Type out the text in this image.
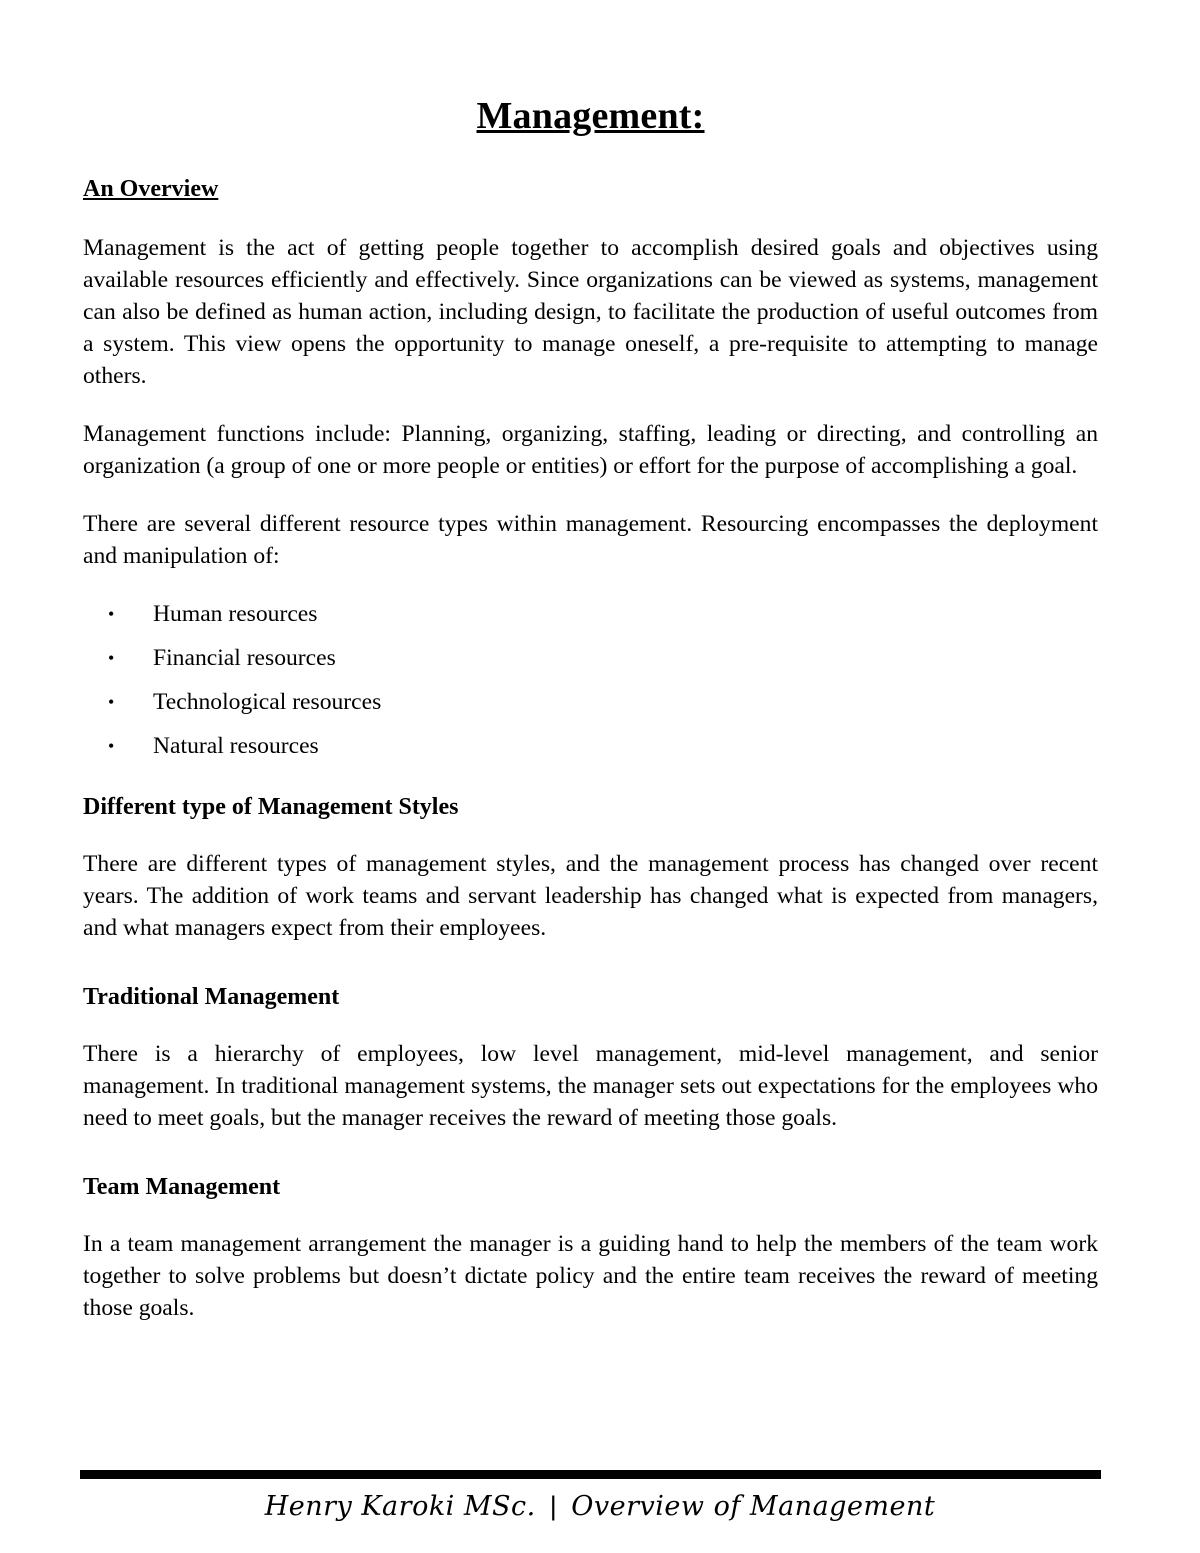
Management:
An Overview

Management is the act of getting people together to accomplish desired goals and objectives using available resources efficiently and effectively. Since organizations can be viewed as systems, management can also be defined as human action, including design, to facilitate the production of useful outcomes from a system. This view opens the opportunity to manage oneself, a pre-requisite to attempting to manage others.

Management functions include: Planning, organizing, staffing, leading or directing, and controlling an organization (a group of one or more people or entities) or effort for the purpose of accomplishing a goal.

There are several different resource types within management. Resourcing encompasses the deployment and manipulation of:

• Human resources
• Financial resources
• Technological resources
• Natural resources
Different type of Management Styles

There are different types of management styles, and the management process has changed over recent years. The addition of work teams and servant leadership has changed what is expected from managers, and what managers expect from their employees.

Traditional Management

There is a hierarchy of employees, low level management, mid-level management, and senior management. In traditional management systems, the manager sets out expectations for the employees who need to meet goals, but the manager receives the reward of meeting those goals.

Team Management

In a team management arrangement the manager is a guiding hand to help the members of the team work together to solve problems but doesn’t dictate policy and the entire team receives the reward of meeting those goals.

Henry Karoki MSc. | Overview of Management
